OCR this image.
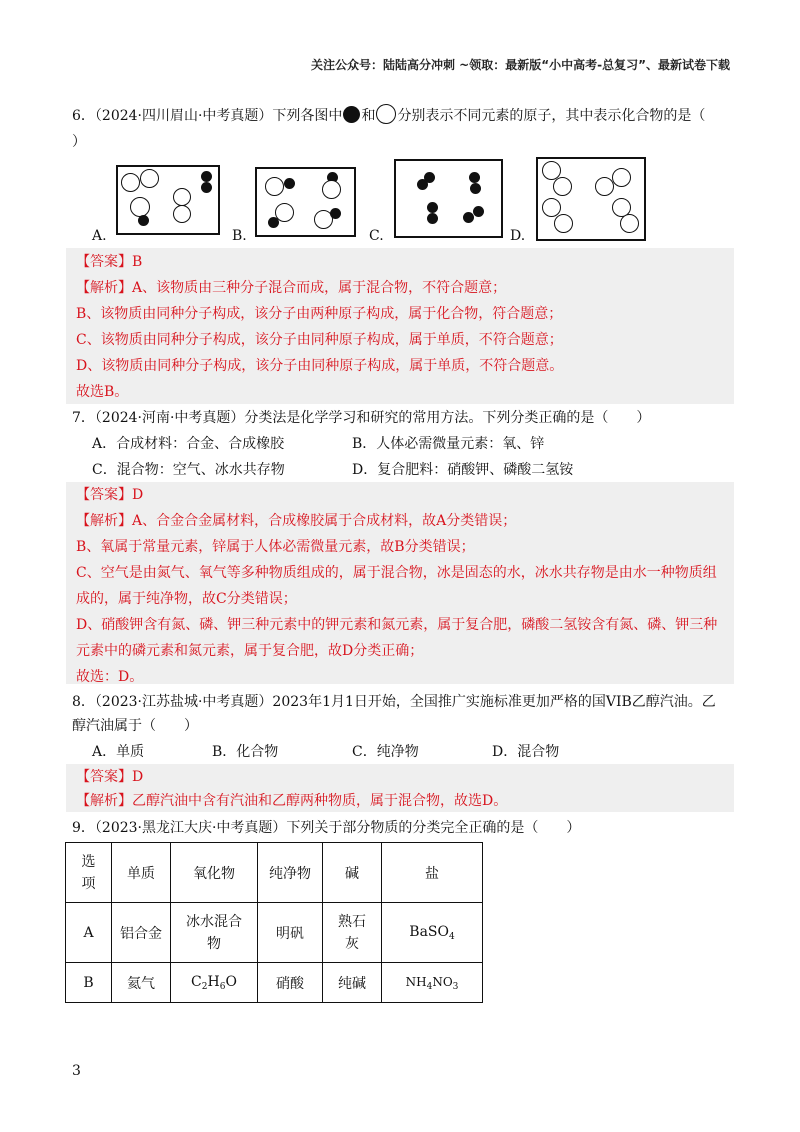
关注公众号：陆陆高分冲刺 ~领取：最新版“小中高考-总复习”、最新试卷下载
6．（2024·四川眉山·中考真题）下列各图中 和 分别表示不同元素的原子，其中表示化合物的是（
）
A.	B.	C.	D.
【答案】B
【解析】A、该物质由三种分子混合而成，属于混合物，不符合题意；
B、该物质由同种分子构成，该分子由两种原子构成，属于化合物，符合题意；
C、该物质由同种分子构成，该分子由同种原子构成，属于单质，不符合题意；
D、该物质由同种分子构成，该分子由同种原子构成，属于单质，不符合题意。
故选B。
7．（2024·河南·中考真题）分类法是化学学习和研究的常用方法。下列分类正确的是（　　）
A．合成材料：合金、合成橡胶	B．人体必需微量元素：氧、锌
C．混合物：空气、冰水共存物	D．复合肥料：硝酸钾、磷酸二氢铵
【答案】D
【解析】A、合金合金属材料，合成橡胶属于合成材料，故A分类错误；
B、氧属于常量元素，锌属于人体必需微量元素，故B分类错误；
C、空气是由氮气、氧气等多种物质组成的，属于混合物，冰是固态的水，冰水共存物是由水一种物质组
成的，属于纯净物，故C分类错误；
D、硝酸钾含有氮、磷、钾三种元素中的钾元素和氮元素，属于复合肥，磷酸二氢铵含有氮、磷、钾三种
元素中的磷元素和氮元素，属于复合肥，故D分类正确；
故选：D。
8．（2023·江苏盐城·中考真题）2023年1月1日开始，全国推广实施标准更加严格的国VIB乙醇汽油。乙
醇汽油属于（　　）
A．单质	B．化合物	C．纯净物	D．混合物
【答案】D
【解析】乙醇汽油中含有汽油和乙醇两种物质，属于混合物，故选D。
9．（2023·黑龙江大庆·中考真题）下列关于部分物质的分类完全正确的是（　　）
选项	单质	氧化物	纯净物	碱	盐
A	铝合金	冰水混合物	明矾	熟石灰	BaSO$_4$
B	氦气	$C_2H_6O$	硝酸	纯碱	$NH_4NO_3$
3
